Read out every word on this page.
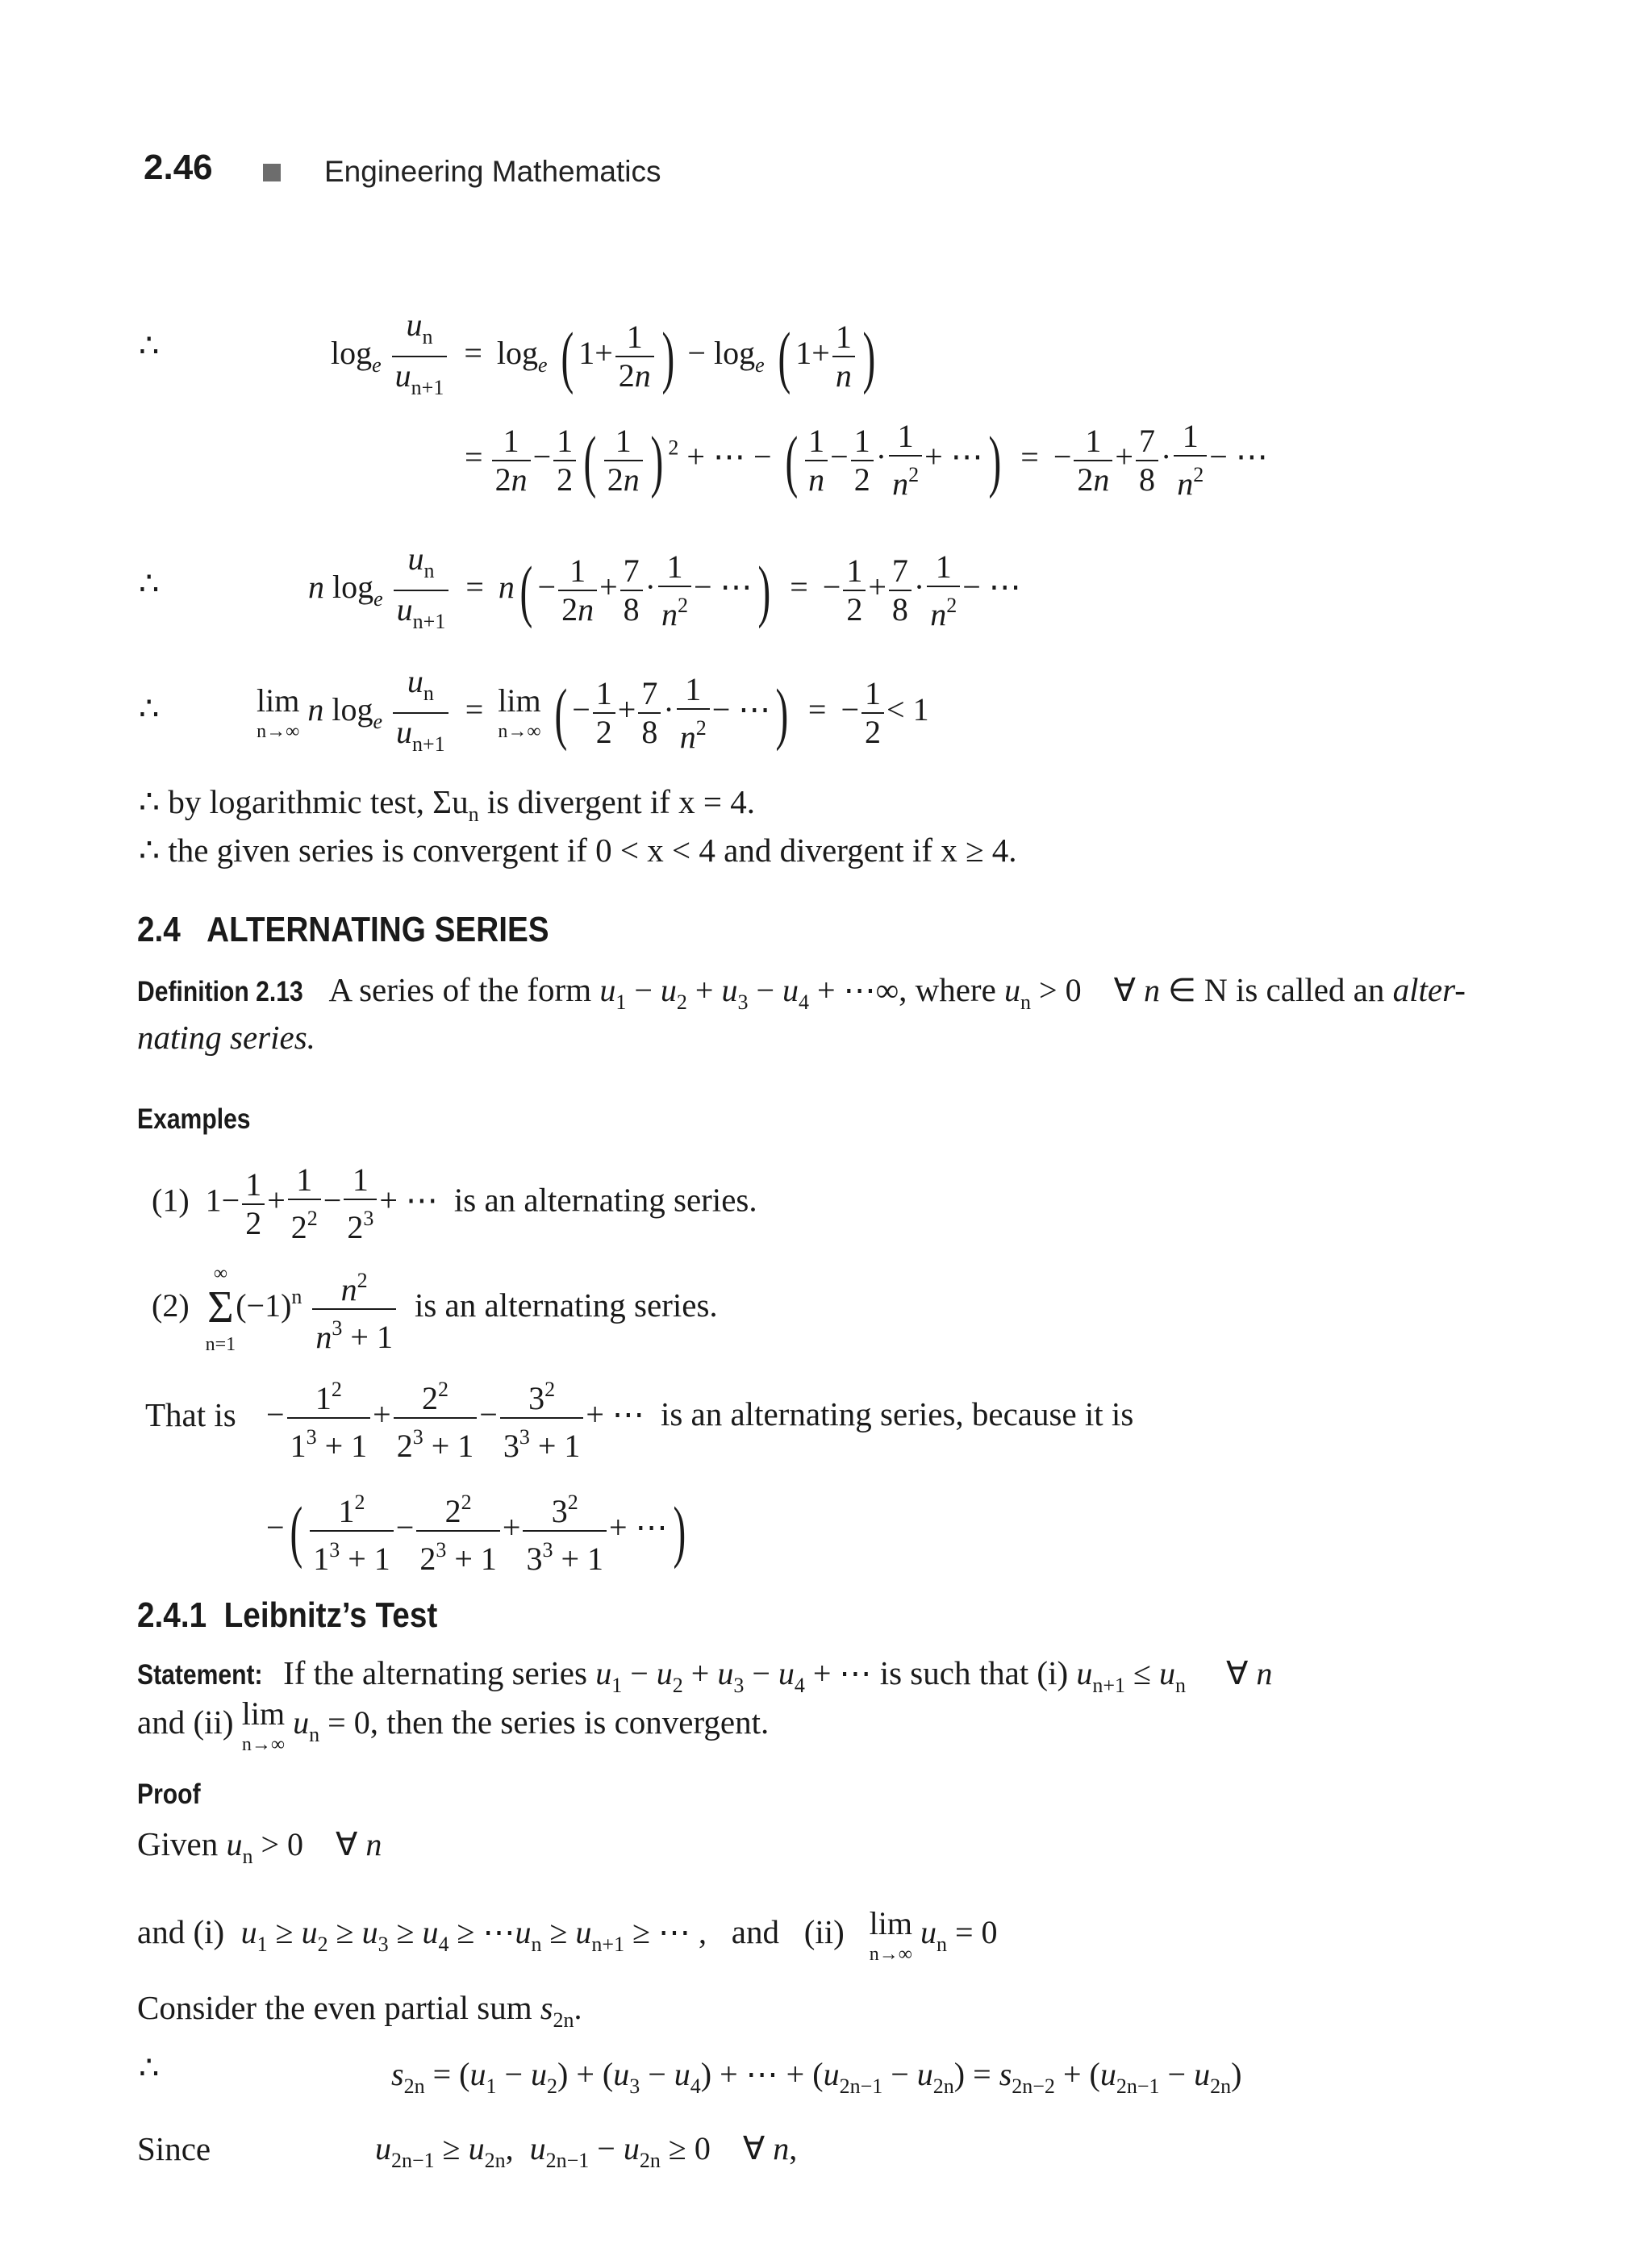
2.46	Engineering Mathematics
∴	$\log_e \frac{u_n}{u_{n+1}} = \log_e$ ( $1+ \frac{1}{2n}$ ) − $\log_e$ ( $1+ \frac{1}{n}$ )
= $\frac{1}{2n} - \frac{1}{2}$ ( $\frac{1}{2n}$ ) $^2$ + ⋯ − ( $\frac{1}{n} - \frac{1}{2} \cdot \frac{1}{n^2}$ + ⋯) = − $\frac{1}{2n} + \frac{7}{8} \cdot \frac{1}{n^2}$ − ⋯
∴	n $\log_e \frac{u_n}{u_{n+1}} = n( - \frac{1}{2n} + \frac{7}{8} \cdot \frac{1}{n^2}$ − ⋯) = − $\frac{1}{2} + \frac{7}{8} \cdot \frac{1}{n^2}$ − ⋯
∴	lim
n→∞
n $\log_e \frac{u_n}{u_{n+1}} = \lim$
n→∞ ( − $\frac{1}{2} + \frac{7}{8} \cdot \frac{1}{n^2}$ − ⋯) = − $\frac{1}{2} < 1$
∴ by logarithmic test, $\Sigma u_n$ is divergent if x = 4.
∴ the given series is convergent if 0 < x < 4 and divergent if x ≥ 4.
2.4 ALTERNATING SERIES
Definition 2.13 A series of the form $u_1 - u_2 + u_3 - u_4$ + ⋯∞, where $u_n > 0$    ∀ n ∈ N is called an alter-
nating series.
Examples
(1)  $1- \frac{1}{2} + \frac{1}{2^2} - \frac{1}{2^3}$ + ⋯  is an alternating series.
(2)
∞
Σ
n=1
$(-1)^n \frac{n^2}{n^3 + 1}$ is an alternating series.
That is − $\frac{1^2}{1^3 + 1} + \frac{2^2}{2^3 + 1} - \frac{3^2}{3^3 + 1}$ + ⋯  is an alternating series, because it is
−( $\frac{1^2}{1^3 + 1} - \frac{2^2}{2^3 + 1} + \frac{3^2}{3^3 + 1}$ + ⋯)
2.4.1 Leibnitz’s Test
Statement: If the alternating series $u_1 - u_2 + u_3 - u_4$ + ⋯ is such that (i) $u_{n+1} \le u_n$     ∀ n
and (ii) lim
n→∞
$u_n = 0$, then the series is convergent.
Proof
Given $u_n > 0$    ∀ n
and (i) $u_1 \ge u_2 \ge u_3 \ge u_4$ ≥ $\cdots u_n \ge u_{n+1}$ ≥ ⋯ , and (ii) lim
n→∞
$u_n = 0$
Consider the even partial sum $s_{2n}$.
∴	$s_{2n} = (u_1 - u_2) + (u_3 - u_4)$ + ⋯ + $(u_{2n-1} - u_{2n}) = s_{2n-2} + (u_{2n-1} - u_{2n})$
Since	$u_{2n-1} \ge u_{2n}$,  $u_{2n-1} - u_{2n} \ge 0$    ∀ n,
